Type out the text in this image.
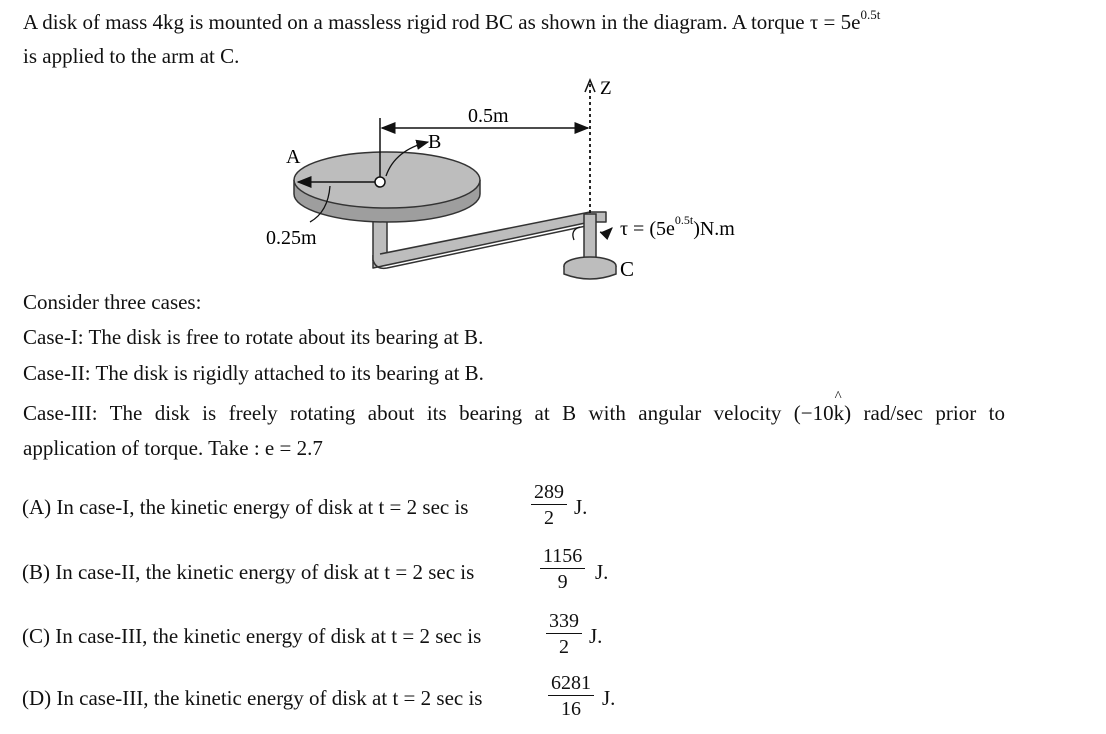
A disk of mass 4kg is mounted on a massless rigid rod BC as shown in the diagram. A torque $\tau = 5e^{0.5t}$
is applied to the arm at C.
A
B
Z
C
0.5m
0.25m	$\tau = (5e^{0.5t})N.m$
Consider three cases:
Case-I: The disk is free to rotate about its bearing at B.
Case-II: The disk is rigidly attached to its bearing at B.
Case-III: The disk is freely rotating about its bearing at B with angular velocity (−10
^
k) rad/sec prior to
application of torque. Take : e = 2.7
(A) In case-I, the kinetic energy of disk at t = 2 sec is	$\frac{289}{2} J$.
(B) In case-II, the kinetic energy of disk at t = 2 sec is	$\frac{1156}{9} J$.
(C) In case-III, the kinetic energy of disk at t = 2 sec is	$\frac{339}{2} J$.
(D) In case-III, the kinetic energy of disk at t = 2 sec is	$\frac{6281}{16} J$.
